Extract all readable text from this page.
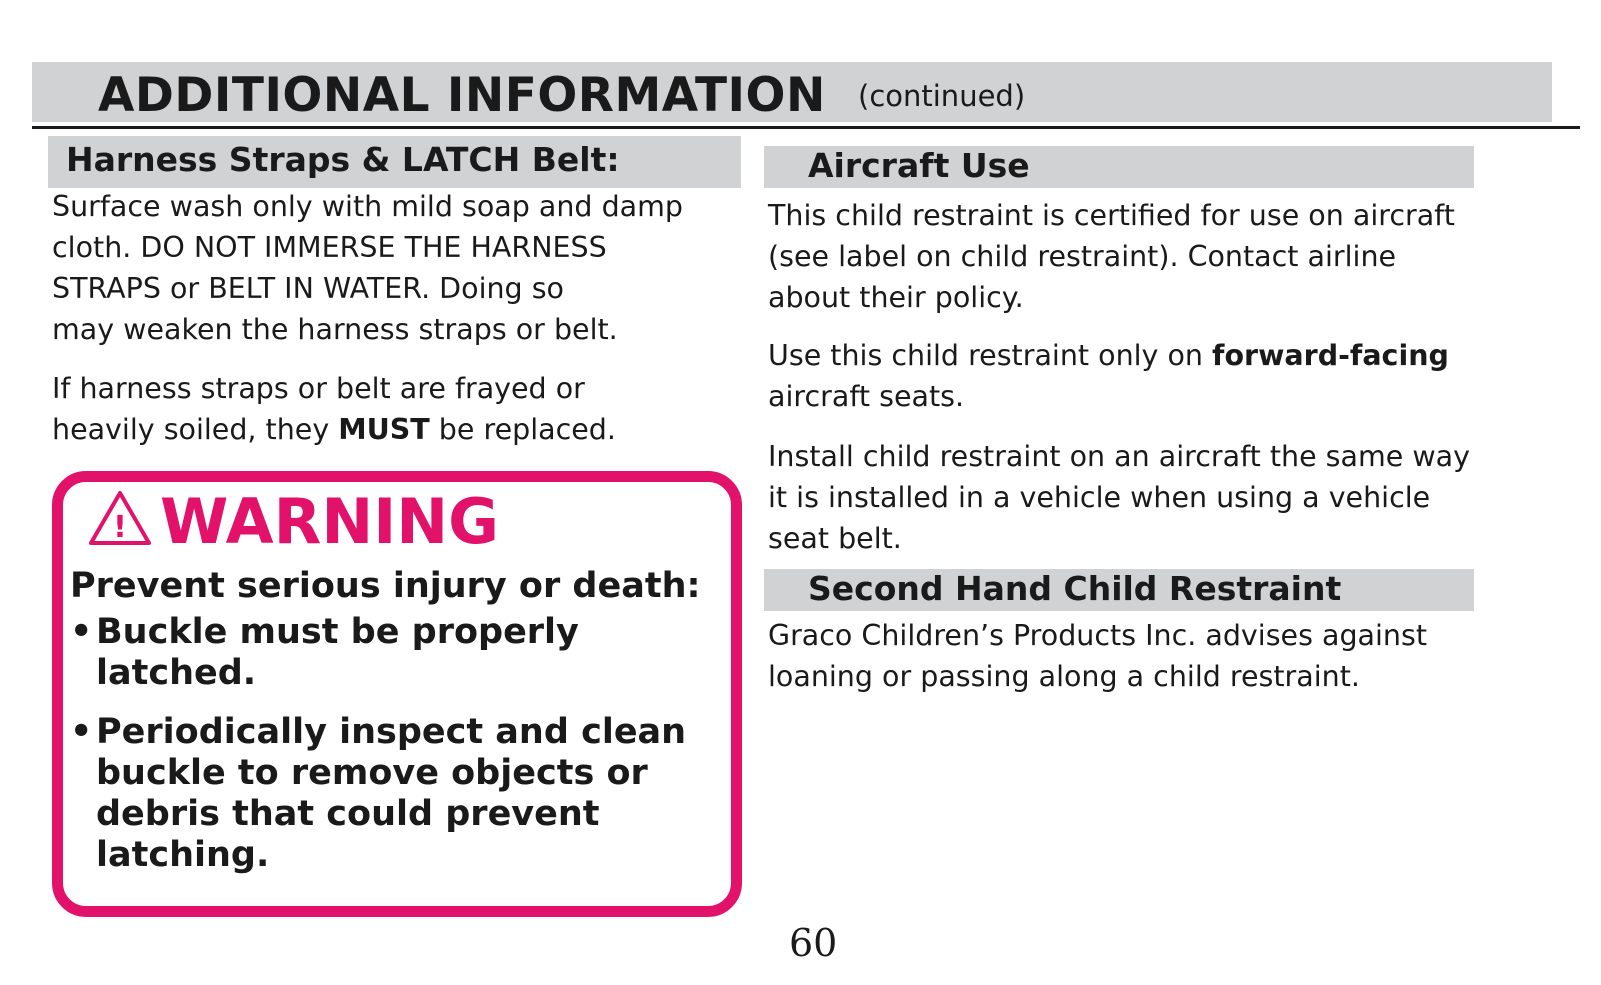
ADDITIONAL INFORMATION (continued)
Harness Straps & LATCH Belt:

Surface wash only with mild soap and damp
cloth. DO NOT IMMERSE THE HARNESS
STRAPS or BELT IN WATER. Doing so
may weaken the harness straps or belt.

If harness straps or belt are frayed or
heavily soiled, they MUST be replaced.

! WARNING
Prevent serious injury or death:
• Buckle must be properly
latched.
• Periodically inspect and clean
buckle to remove objects or
debris that could prevent
latching.
Aircraft Use

This child restraint is certified for use on aircraft
(see label on child restraint). Contact airline
about their policy.

Use this child restraint only on forward-facing
aircraft seats.

Install child restraint on an aircraft the same way
it is installed in a vehicle when using a vehicle
seat belt.

Second Hand Child Restraint

Graco Children’s Products Inc. advises against
loaning or passing along a child restraint.

60
